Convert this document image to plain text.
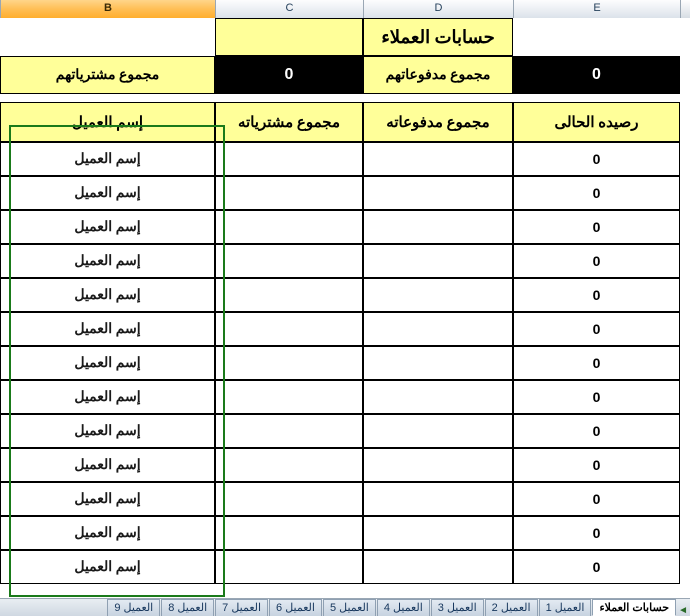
E
D
C
B
حسابات العملاء
0
مجموع مدفوعاتهم
0
مجموع مشترياتهم
رصيده الحالى
مجموع مدفوعاته
مجموع مشترياته
إسم العميل
0
إسم العميل
0
إسم العميل
0
إسم العميل
0
إسم العميل
0
إسم العميل
0
إسم العميل
0
إسم العميل
0
إسم العميل
0
إسم العميل
0
إسم العميل
0
إسم العميل
0
إسم العميل
0
إسم العميل
◄
حسابات العملاء
العميل 1
العميل 2
العميل 3
العميل 4
العميل 5
العميل 6
العميل 7
العميل 8
العميل 9
